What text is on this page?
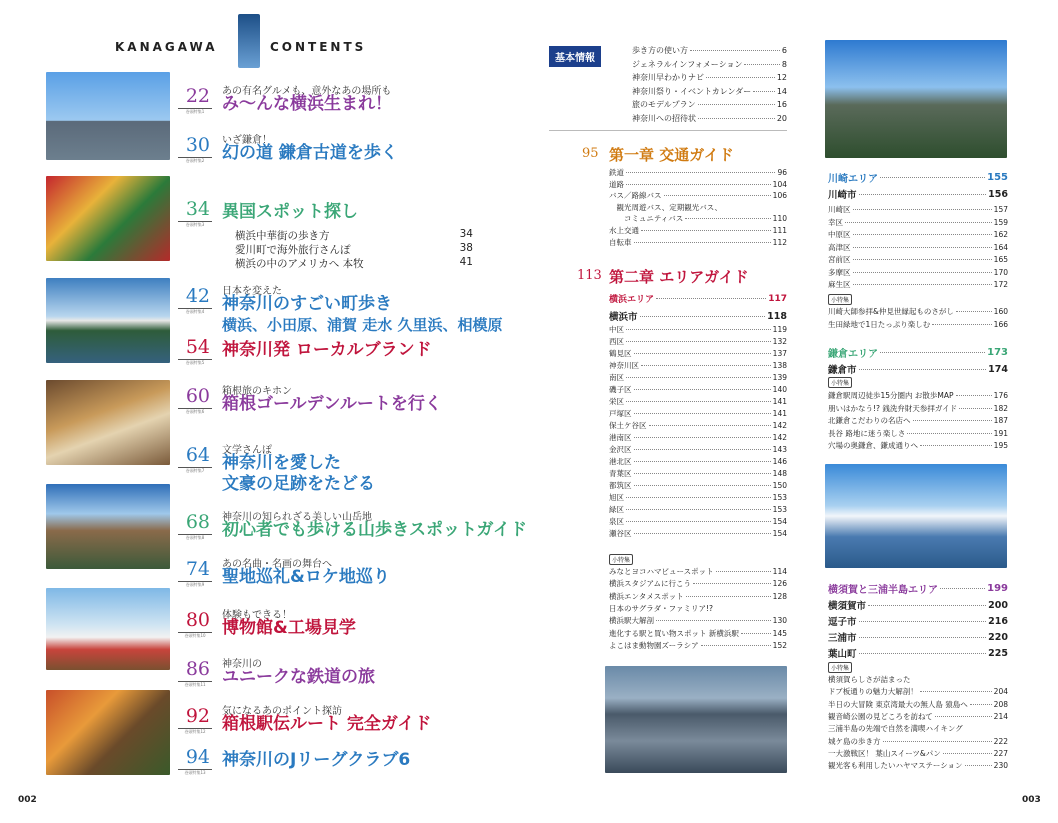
KANAGAWA	CONTENTS
22
巻頭特集1
あの有名グルメも、意外なあの場所も
み〜んな横浜生まれ！
30
巻頭特集2
いざ鎌倉！
幻の道 鎌倉古道を歩く
34
巻頭特集3
異国スポット探し
横浜中華街の歩き方	34
愛川町で海外旅行さんぽ	38
横浜の中のアメリカへ 本牧	41
42
巻頭特集4
日本を変えた
神奈川のすごい町歩き
横浜、小田原、浦賀 走水 久里浜、相模原
54
巻頭特集5
神奈川発 ローカルブランド
60
巻頭特集6
箱根旅のキホン
箱根ゴールデンルートを行く
64
巻頭特集7
文学さんぽ
神奈川を愛した
文豪の足跡をたどる
68
巻頭特集8
神奈川の知られざる美しい山岳地
初心者でも歩ける山歩きスポットガイド
74
巻頭特集9
あの名曲・名画の舞台へ
聖地巡礼&ロケ地巡り
80
巻頭特集10
体験もできる！
博物館&工場見学
86
巻頭特集11
神奈川の
ユニークな鉄道の旅
92
巻頭特集12
気になるあのポイント探訪
箱根駅伝ルート 完全ガイド
94
巻頭特集13
神奈川のJリーグクラブ6
基本情報
歩き方の使い方	6
ジェネラルインフォメーション	8
神奈川早わかりナビ	12
神奈川祭り・イベントカレンダー	14
旅のモデルプラン	16
神奈川への招待状	20
95 第一章 交通ガイド
鉄道	96
道路	104
バス／路線バス	106
　観光周遊バス、定期観光バス、
　　コミュニティバス	110
水上交通	111
自転車	112
113 第二章 エリアガイド
横浜エリア	117
横浜市	118
中区	119
西区	132
鶴見区	137
神奈川区	138
南区	139
磯子区	140
栄区	141
戸塚区	141
保土ケ谷区	142
港南区	142
金沢区	143
港北区	146
青葉区	148
都筑区	150
旭区	153
緑区	153
泉区	154
瀬谷区	154
小特集
みなとヨコハマビュースポット	114
横浜スタジアムに行こう	126
横浜エンタメスポット	128
日本のサグラダ・ファミリア!?
横浜駅大解剖	130
進化する駅と買い物スポット 新横浜駅	145
よこはま動物園ズーラシア	152
川崎エリア	155
川崎市	156
川崎区	157
幸区	159
中原区	162
高津区	164
宮前区	165
多摩区	170
麻生区	172
小特集
川崎大師参拝&仲見世縁起ものさがし	160
生田緑地で1日たっぷり楽しむ	166
鎌倉エリア	173
鎌倉市	174
鎌倉駅周辺徒歩15分圏内 お散歩MAP	176
朋いはかなう!? 銭洗弁財天参拝ガイド	182
北鎌倉こだわりの名店へ	187
長谷 路地に迷う楽しさ	191
穴場の奥鎌倉、鎌成通りへ	195
小特集
横須賀と三浦半島エリア	199
横須賀市	200
逗子市	216
三浦市	220
葉山町	225
小特集
横須賀らしさが詰まった
ドブ板通りの魅力大解剖！	204
半日の大冒険 東京湾最大の無人島 猿島へ	208
観音崎公園の見どころを訪ねて	214
三浦半島の先端で自然を満喫ハイキング
城ケ島の歩き方	222
一大激戦区！ 葉山スイーツ&パン	227
観光客も利用したいハヤマステーション	230
002	003
